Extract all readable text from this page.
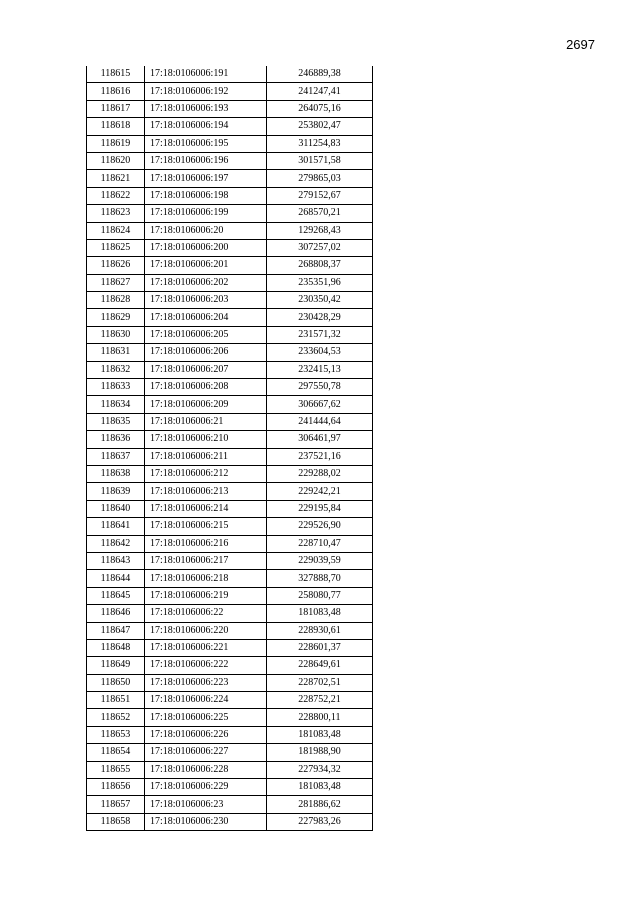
2697
118615	17:18:0106006:191	246889,38
118616	17:18:0106006:192	241247,41
118617	17:18:0106006:193	264075,16
118618	17:18:0106006:194	253802,47
118619	17:18:0106006:195	311254,83
118620	17:18:0106006:196	301571,58
118621	17:18:0106006:197	279865,03
118622	17:18:0106006:198	279152,67
118623	17:18:0106006:199	268570,21
118624	17:18:0106006:20	129268,43
118625	17:18:0106006:200	307257,02
118626	17:18:0106006:201	268808,37
118627	17:18:0106006:202	235351,96
118628	17:18:0106006:203	230350,42
118629	17:18:0106006:204	230428,29
118630	17:18:0106006:205	231571,32
118631	17:18:0106006:206	233604,53
118632	17:18:0106006:207	232415,13
118633	17:18:0106006:208	297550,78
118634	17:18:0106006:209	306667,62
118635	17:18:0106006:21	241444,64
118636	17:18:0106006:210	306461,97
118637	17:18:0106006:211	237521,16
118638	17:18:0106006:212	229288,02
118639	17:18:0106006:213	229242,21
118640	17:18:0106006:214	229195,84
118641	17:18:0106006:215	229526,90
118642	17:18:0106006:216	228710,47
118643	17:18:0106006:217	229039,59
118644	17:18:0106006:218	327888,70
118645	17:18:0106006:219	258080,77
118646	17:18:0106006:22	181083,48
118647	17:18:0106006:220	228930,61
118648	17:18:0106006:221	228601,37
118649	17:18:0106006:222	228649,61
118650	17:18:0106006:223	228702,51
118651	17:18:0106006:224	228752,21
118652	17:18:0106006:225	228800,11
118653	17:18:0106006:226	181083,48
118654	17:18:0106006:227	181988,90
118655	17:18:0106006:228	227934,32
118656	17:18:0106006:229	181083,48
118657	17:18:0106006:23	281886,62
118658	17:18:0106006:230	227983,26
